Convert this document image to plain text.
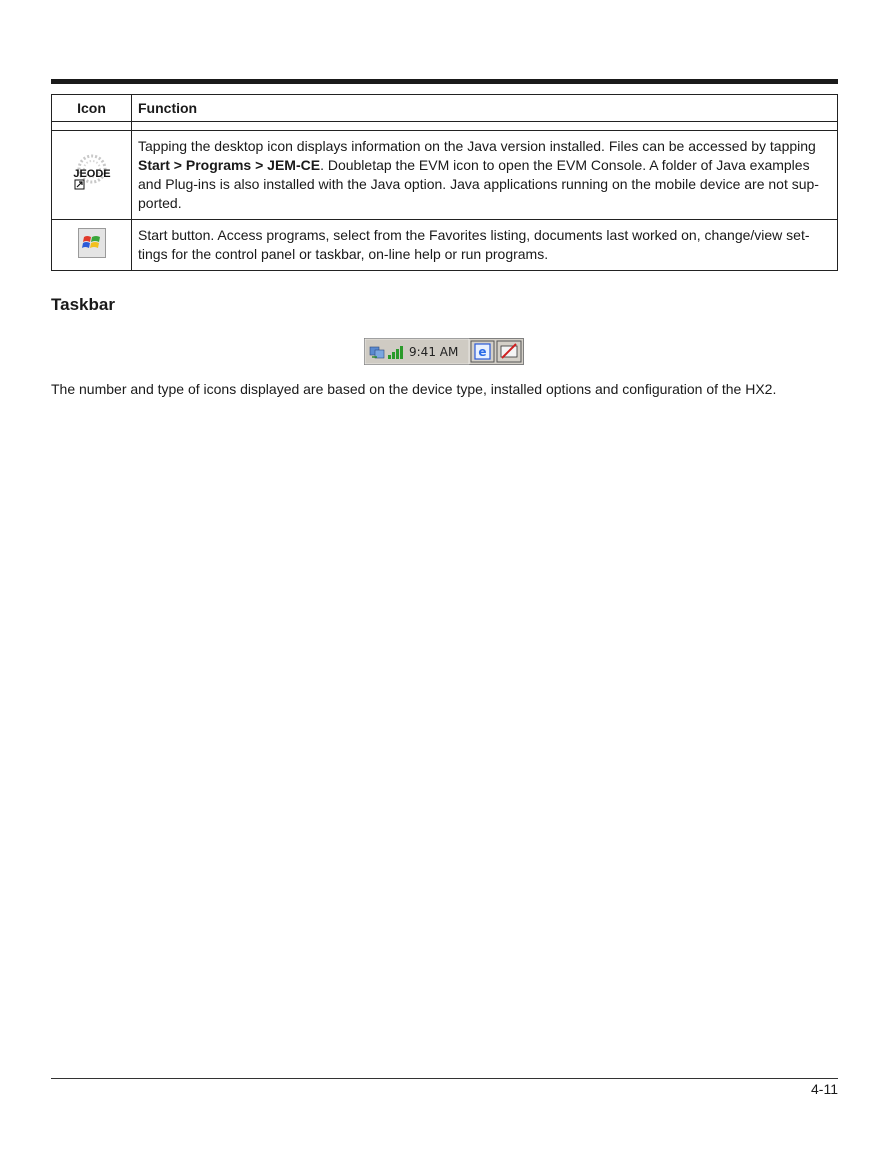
Icon	Function

JEODE	Tapping the desktop icon displays information on the Java version installed. Files can be accessed by tapping Start > Programs > JEM-CE. Doubletap the EVM icon to open the EVM Console. A folder of Java examples and Plug-ins is also installed with the Java option. Java applications running on the mobile device are not sup-ported.
	Start button. Access programs, select from the Favorites listing, documents last worked on, change/view set-tings for the control panel or taskbar, on-line help or run programs.
Taskbar
9:41 AM e

The number and type of icons displayed are based on the device type, installed options and configuration of the HX2.

4-11
